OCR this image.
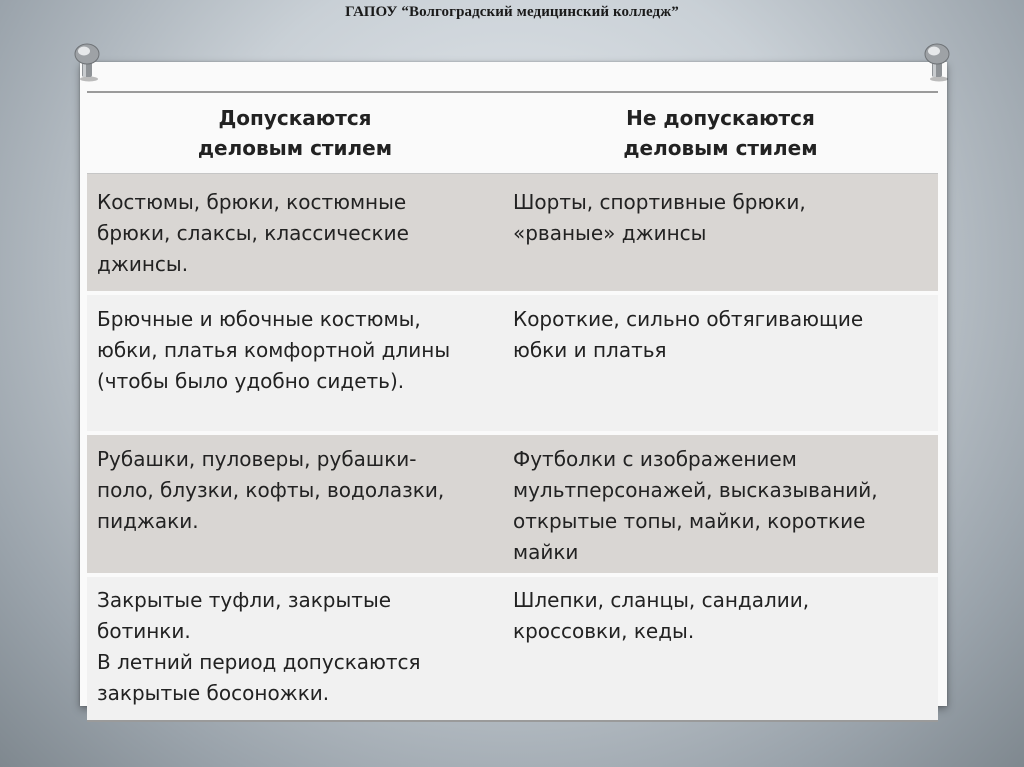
ГАПОУ “Волгоградский медицинский колледж”
Допускаются
деловым стилем	Не допускаются
деловым стилем

Костюмы, брюки, костюмные
брюки, слаксы, классические
джинсы.	Шорты, спортивные брюки,
«рваные» джинсы

Брючные и юбочные костюмы,
юбки, платья комфортной длины
(чтобы было удобно сидеть).	Короткие, сильно обтягивающие
юбки и платья

Рубашки, пуловеры, рубашки-
поло, блузки, кофты, водолазки,
пиджаки.	Футболки с изображением
мультперсонажей, высказываний,
открытые топы, майки, короткие
майки

Закрытые туфли, закрытые
ботинки.
В летний период допускаются
закрытые босоножки.	Шлепки, сланцы, сандалии,
кроссовки, кеды.
